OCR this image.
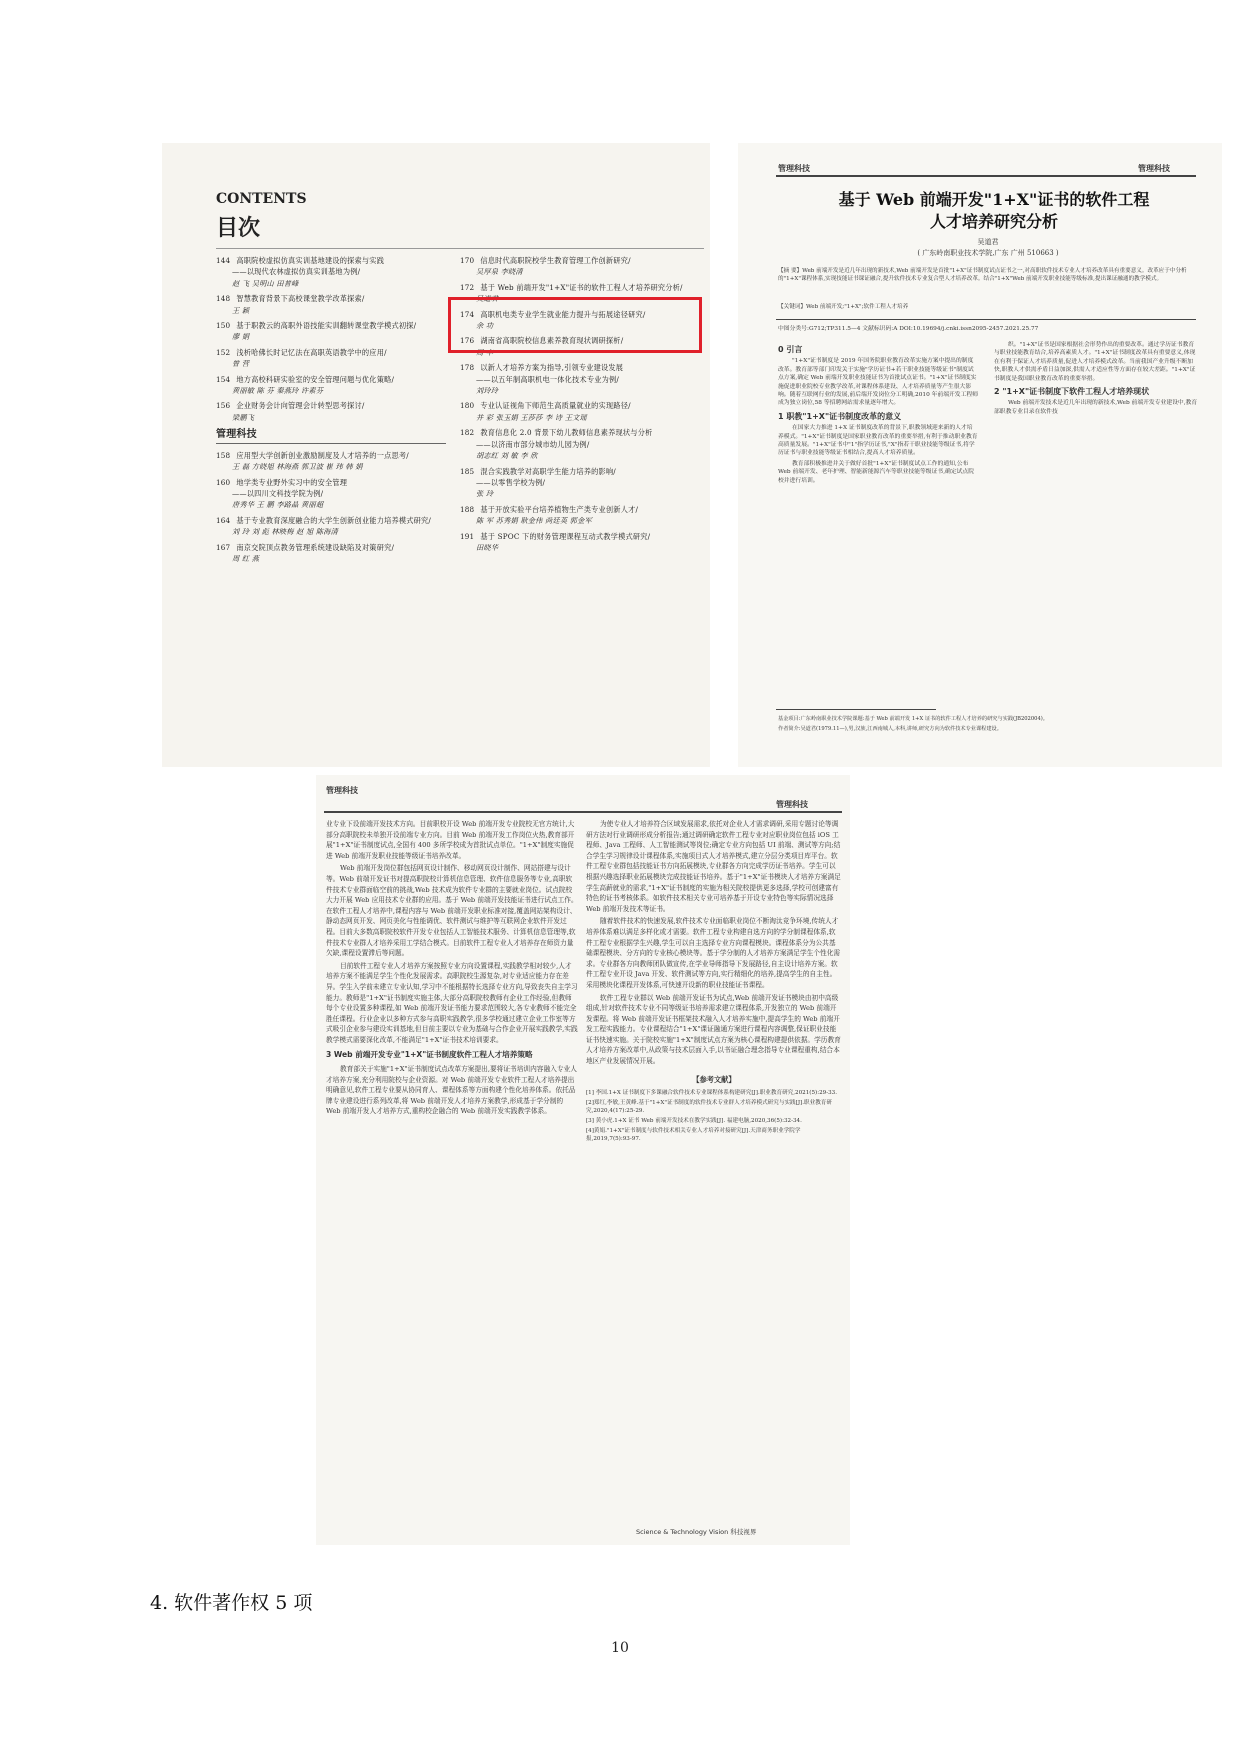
CONTENTS
目次
144 高职院校虚拟仿真实训基地建设的探索与实践
——以现代农林虚拟仿真实训基地为例/
赵 飞 吴明山 田普峰
148 智慧教育背景下高校课堂教学改革探索/
王 颖
150 基于职教云的高职外语技能实训翻转课堂教学模式初探/
廖 娟
152 浅析哈佛长时记忆法在高职英语教学中的应用/
曾 营
154 地方高校科研实验室的安全管理问题与优化策略/
黄丽敏 陈 芬 秦燕玲 许素芬
156 企业财务会计向管理会计转型思考探讨/
梁鹏飞
管理科技
158 应用型大学创新创业激励制度及人才培养的一点思考/
王 磊 方晓旭 林海燕 郭卫波 崔 玮 韩 娟
160 地学类专业野外实习中的安全管理
——以四川文科技学院为例/
唐秀华 王 鹏 李路晶 黄丽超
164 基于专业教育深度融合的大学生创新创业能力培养模式研究/
刘 玲 刘 彪 林映梅 赵 旭 陈海清
167 南京交院顶点教务管理系统建设缺陷及对策研究/
周 红 燕
170 信息时代高职院校学生教育管理工作创新研究/
吴厚泉 李晓清
172 基于 Web 前端开发"1+X"证书的软件工程人才培养研究分析/
吴道君
174 高职机电类专业学生就业能力提升与拓展途径研究/
余 功
176 湖南省高职院校信息素养教育现状调研探析/
周 丰
178 以新人才培养方案为指导,引领专业建设发展
——以五年制高职机电一体化技术专业为例/
刘玲玲
180 专业认证视角下师范生高质量就业的实现路径/
井 彩 张玉娟 王莎莎 李 诗 王文瑶
182 教育信息化 2.0 背景下幼儿教师信息素养现状与分析
——以济南市部分城市幼儿园为例/
胡志红 刘 敏 李 欣
185 混合实践教学对高职学生能力培养的影响/
——以零售学校为例/
张 玲
188 基于开放实验平台培养植物生产类专业创新人才/
陈 军 苏秀娟 耿金伟 尚廷英 郭金军
191 基于 SPOC 下的财务管理课程互动式教学模式研究/
田晓华
管理科技	管理科技
基于 Web 前端开发"1+X"证书的软件工程
人才培养研究分析
吴道君
( 广东岭南职业技术学院,广东 广州 510663 )
【摘 要】Web 前端开发是近几年出现的新技术,Web 前端开发是首批"1+X"证书制度试点证书之一,对高职软件技术专业人才培养改革具有重要意义。改革应于中分析的"1+X"课程体系,实现技能证书课证融合,提升软件技术专业复合型人才培养改革。结合"1+X"Web 前端开发职业技能等级标准,提出课证融通的教学模式。
【关键词】Web 前端开发;"1+X";软件工程人才培养
中图分类号:G712;TP311.5—4 文献标识码:A DOI:10.19694/j.cnki.issn2095-2457.2021.25.77
0 引言

"1+X"证书制度是 2019 年国务院职业教育改革实施方案中提出的制度改革。教育部等部门印发关于实施"学历证书+若干职业技能等级证书"制度试点方案,确定 Web 前端开发职业技能证书为首批试点证书。"1+X"证书制度实施促进职业院校专业教学改革,对课程体系建设、人才培养质量等产生很大影响。随着互联网行业的发展,前后端开发岗位分工明确,2010 年前端开发工程师成为独立岗位,58 等招聘网站需求量逐年增大。

1 职教"1+X"证书制度改革的意义

在国家大力推进 1+X 证书制度改革的背景下,职教领域迎来新的人才培养模式。"1+X"证书制度是国家职业教育改革的重要举措,有利于推动职业教育高质量发展。"1+X"证书中"1"指学历证书,"X"指若干职业技能等级证书,将学历证书与职业技能等级证书相结合,提高人才培养质量。

教育部积极推进并关于做好首批"1+X"证书制度试点工作的通知,公布 Web 前端开发、老年护理、智能新能源汽车等职业技能等级证书,确定试点院校并进行培训。

织。"1+X"证书是国家根据社会形势作出的重要改革。通过学历证书教育与职业技能教育结合,培养高素质人才。"1+X"证书制度改革具有重要意义,体现在有利于保证人才培养质量,促进人才培养模式改革。当前我国产业升级不断加快,职教人才供需矛盾日益加深,供需人才适应性等方面存在较大差距。"1+X"证书制度是我国职业教育改革的重要举措。

2 "1+X"证书制度下软件工程人才培养现状

Web 前端开发技术是近几年出现的新技术,Web 前端开发专业建设中,教育部职教专业目录在软件技

基金项目:广东岭南职业技术学院课题:基于 Web 前端开发 1+X 证书的软件工程人才培养的研究与实践(JB202004)。
作者简介:吴道君(1979.11—),男,汉族,江西南城人,本科,讲师,研究方向为软件技术专业课程建设。
管理科技
管理科技

业专业下设前端开发技术方向。目前职校开设 Web 前端开发专业院校无官方统计,大部分高职院校未单独开设前端专业方向。目前 Web 前端开发工作岗位火热,教育部开展"1+X"证书制度试点,全国有 400 多所学校成为首批试点单位。"1+X"制度实施促进 Web 前端开发职业技能等级证书培养改革。

Web 前端开发岗位群包括网页设计制作、移动网页设计制作、网站搭建与设计等。Web 前端开发证书对提高职院校计算机信息管理、软件信息服务等专业,高职软件技术专业群面临空前的挑战,Web 技术成为软件专业群的主要就业岗位。试点院校大力开展 Web 应用技术专业群的应用。基于 Web 前端开发技能证书进行试点工作。在软件工程人才培养中,课程内容与 Web 前端开发职业标准对接,覆盖网站架构设计、静动态网页开发、网页美化与性能调优、软件测试与维护等互联网企业软件开发过程。目前大多数高职院校软件开发专业包括人工智能技术服务、计算机信息管理等,软件技术专业群人才培养采用工学结合模式。目前软件工程专业人才培养存在师资力量欠缺,课程设置滞后等问题。

目前软件工程专业人才培养方案按照专业方向设置课程,实践教学相对较少,人才培养方案不能满足学生个性化发展需求。高职院校生源复杂,对专业适应能力存在差异。学生入学前未建立专业认知,学习中不能根据特长选择专业方向,导致丧失自主学习能力。教师是"1+X"证书制度实施主体,大部分高职院校教师有企业工作经验,但教师每个专业设置多种课程,如 Web 前端开发证书能力要求范围较大,各专业教师不能完全胜任课程。行业企业以多种方式参与高职实践教学,很多学校通过建立企业工作室等方式吸引企业参与建设实训基地,但目前主要以专业为基础与合作企业开展实践教学,实践教学模式需要深化改革,不能满足"1+X"证书技术培训要求。

3 Web 前端开发专业"1+X"证书制度软件工程人才培养策略

教育部关于实施"1+X"证书制度试点改革方案提出,要将证书培训内容融入专业人才培养方案,充分利用院校与企业资源。对 Web 前端开发专业软件工程人才培养提出明确意见,软件工程专业要从协同育人、课程体系等方面构建个性化培养体系。依托品牌专业建设进行系列改革,将 Web 前端开发人才培养方案教学,形成基于学分制的 Web 前端开发人才培养方式,重构校企融合的 Web 前端开发实践教学体系。

为使专业人才培养符合区域发展需求,依托对企业人才需求调研,采用专题讨论等调研方法对行业调研形成分析报告;通过调研确定软件工程专业对应职业岗位包括 iOS 工程师、Java 工程师、人工智能测试等岗位;确定专业方向包括 UI 前端、测试等方向;结合学生学习规律设计课程体系,实施项目式人才培养模式,建立分层分类项目库平台。软件工程专业群包括技能证书方向拓展模块,专业群各方向完成学历证书培养。学生可以根据兴趣选择职业拓展模块完成技能证书培养。基于"1+X"证书模块人才培养方案满足学生高薪就业的需求,"1+X"证书制度的实施为相关院校提供更多选择,学校可创建富有特色的证书考核体系。如软件技术相关专业可培养基于开设专业特色等实际情况选择 Web 前端开发技术等证书。

随着软件技术的快速发展,软件技术专业面临职业岗位不断淘汰竞争环境,传统人才培养体系难以满足多样化或才需要。软件工程专业构建自选方向的学分制课程体系,软件工程专业根据学生兴趣,学生可以自主选择专业方向课程模块。课程体系分为公共基础课程模块、分方向的专业核心模块等。基于学分制的人才培养方案满足学生个性化需求。专业群各方向教师团队做宣传,在学业导师指导下发展路径,自主设计培养方案。软件工程专业开设 Java 开发、软件测试等方向,实行精细化的培养,提高学生的自主性。采用模块化课程开发体系,可快速开设新的职业技能证书课程。

软件工程专业群以 Web 前端开发证书为试点,Web 前端开发证书模块由初中高级组成,针对软件技术专业不同等级证书培养需求建立课程体系,开发独立的 Web 前端开发课程。将 Web 前端开发证书框架技术融入人才培养实施中,提高学生的 Web 前端开发工程实践能力。专业课程结合"1+X"课证融通方案进行课程内容调整,保证职业技能证书快速实施。关于院校实施"1+X"制度试点方案为核心课程构建提供依据。学历教育人才培养方案改革中,从政策与技术层面入手,以书证融合理念指导专业课程重构,结合本地区产业发展情况开展。

【参考文献】
[1] 李国.1+X 证书制度下多课融合软件技术专业课程体系构建研究[J].职业教育研究,2021(5):29-33.
[2]郑红,李敏,王黄峰.基于"1+X"证书制度的软件技术专业群人才培养模式研究与实践[J].职业教育研究,2020,4(17):25-29.
[3] 黄小虎.1+X 证书 Web 前端开发技术在教学实践[J]. 福建电脑,2020,36(5):32-34.
[4]黄娟."1+X"证书制度与软件技术相关专业人才培养对接研究[J].天津商务职业学院学报,2019,7(5):93-97.
Science & Technology Vision 科技视界
4. 软件著作权 5 项
10
